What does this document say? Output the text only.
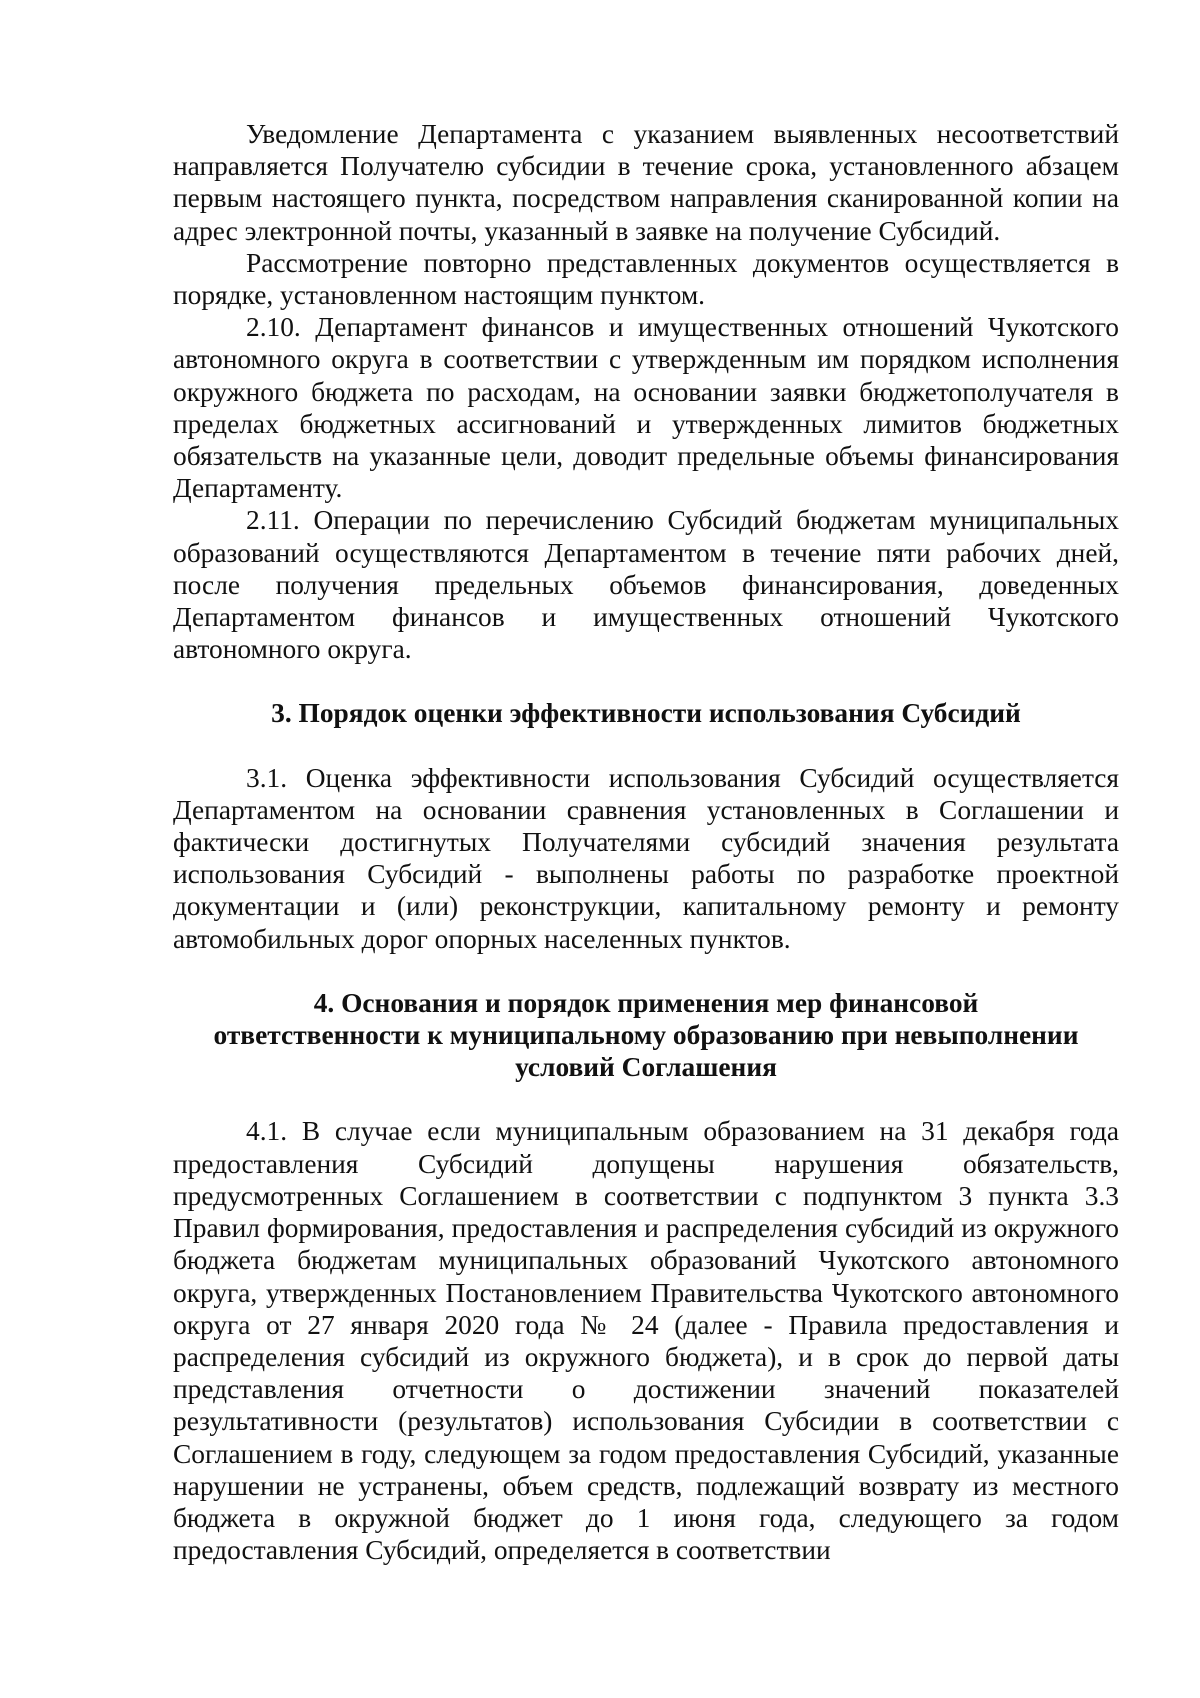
Уведомление Департамента с указанием выявленных несоответствий направляется Получателю субсидии в течение срока, установленного абзацем первым настоящего пункта, посредством направления сканированной копии на адрес электронной почты, указанный в заявке на получение Субсидий.

Рассмотрение повторно представленных документов осуществляется в порядке, установленном настоящим пунктом.

2.10. Департамент финансов и имущественных отношений Чукотского автономного округа в соответствии с утвержденным им порядком исполнения окружного бюджета по расходам, на основании заявки бюджетополучателя в пределах бюджетных ассигнований и утвержденных лимитов бюджетных обязательств на указанные цели, доводит предельные объемы финансирования Департаменту.

2.11. Операции по перечислению Субсидий бюджетам муниципальных образований осуществляются Департаментом в течение пяти рабочих дней, после получения предельных объемов финансирования, доведенных Департаментом финансов и имущественных отношений Чукотского автономного округа.

3. Порядок оценки эффективности использования Субсидий

3.1. Оценка эффективности использования Субсидий осуществляется Департаментом на основании сравнения установленных в Соглашении и фактически достигнутых Получателями субсидий значения результата использования Субсидий - выполнены работы по разработке проектной документации и (или) реконструкции, капитальному ремонту и ремонту автомобильных дорог опорных населенных пунктов.

4. Основания и порядок применения мер финансовой
ответственности к муниципальному образованию при невыполнении
условий Соглашения

4.1. В случае если муниципальным образованием на 31 декабря года предоставления Субсидий допущены нарушения обязательств, предусмотренных Соглашением в соответствии с подпунктом 3 пункта 3.3 Правил формирования, предоставления и распределения субсидий из окружного бюджета бюджетам муниципальных образований Чукотского автономного округа, утвержденных Постановлением Правительства Чукотского автономного округа от 27 января 2020 года № 24 (далее - Правила предоставления и распределения субсидий из окружного бюджета), и в срок до первой даты представления отчетности о достижении значений показателей результативности (результатов) использования Субсидии в соответствии с Соглашением в году, следующем за годом предоставления Субсидий, указанные нарушении не устранены, объем средств, подлежащий возврату из местного бюджета в окружной бюджет до 1 июня года, следующего за годом предоставления Субсидий, определяется в соответствии
